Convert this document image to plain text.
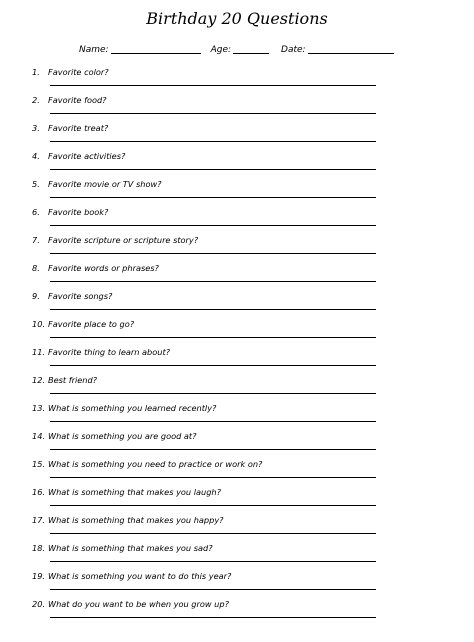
Birthday 20 Questions
Name:	Age:	Date:
1. Favorite color?
2. Favorite food?
3. Favorite treat?
4. Favorite activities?
5. Favorite movie or TV show?
6. Favorite book?
7. Favorite scripture or scripture story?
8. Favorite words or phrases?
9. Favorite songs?
10. Favorite place to go?
11. Favorite thing to learn about?
12. Best friend?
13. What is something you learned recently?
14. What is something you are good at?
15. What is something you need to practice or work on?
16. What is something that makes you laugh?
17. What is something that makes you happy?
18. What is something that makes you sad?
19. What is something you want to do this year?
20. What do you want to be when you grow up?
